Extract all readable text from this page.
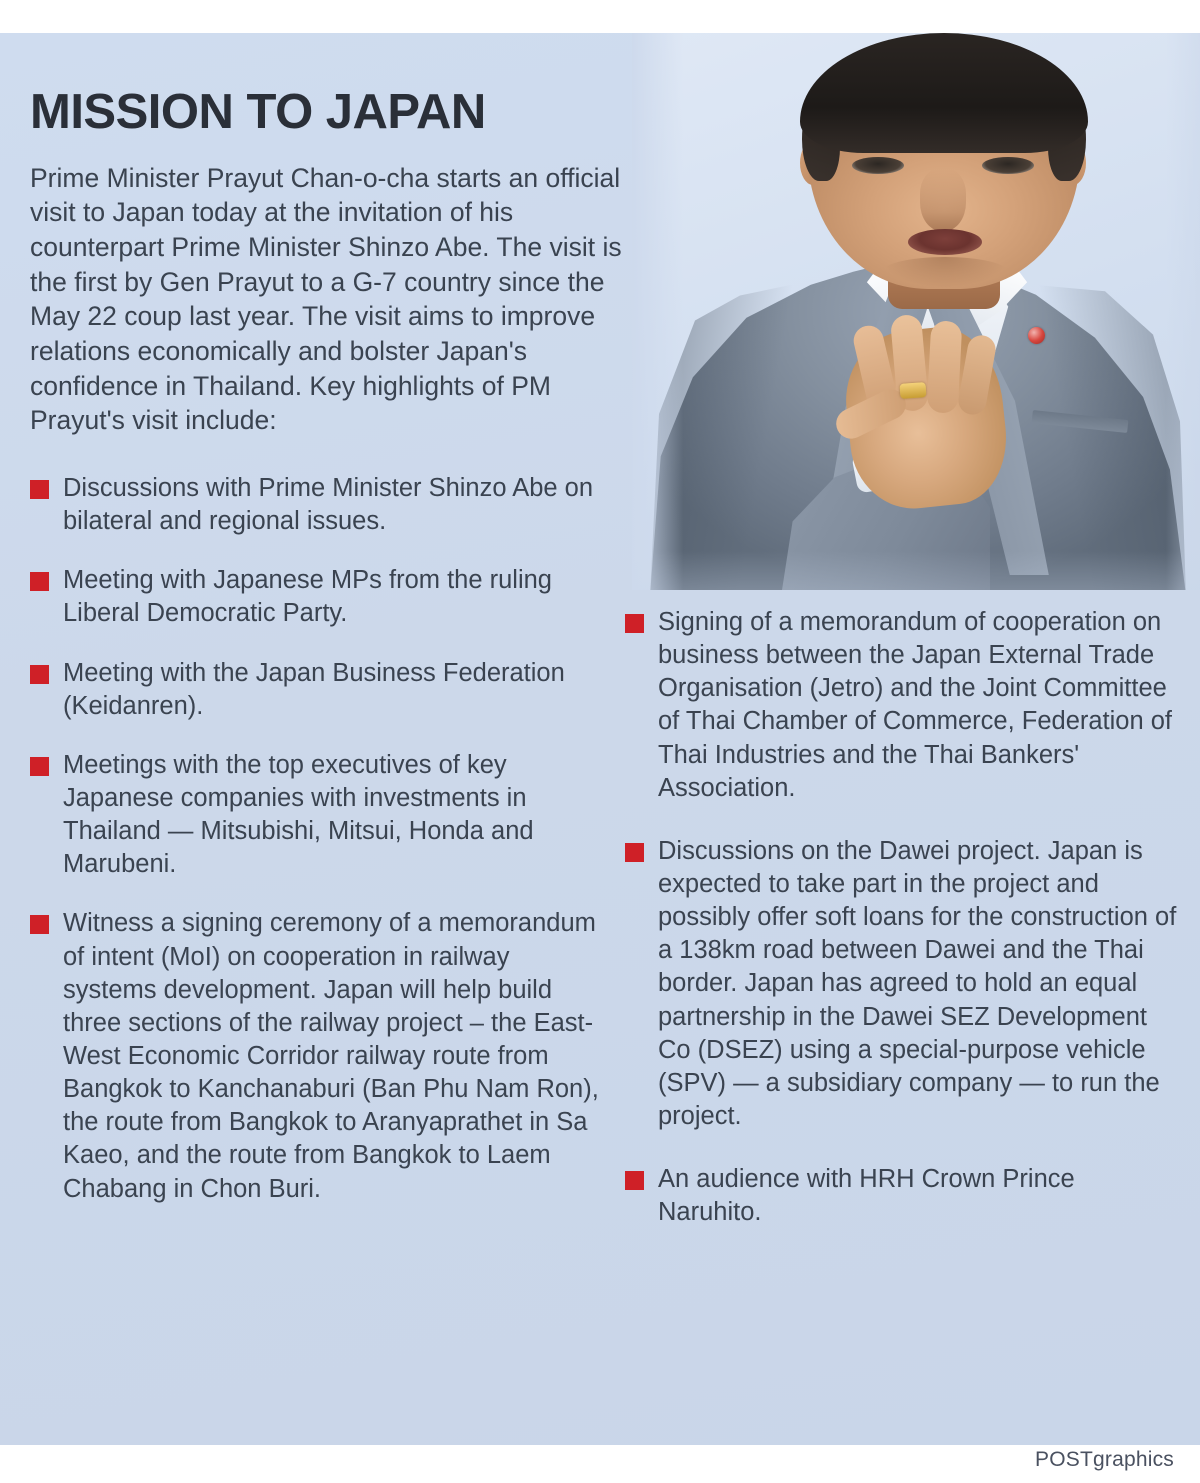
MISSION TO JAPAN

Prime Minister Prayut Chan-o-cha starts an official visit to Japan today at the invitation of his counterpart Prime Minister Shinzo Abe. The visit is the first by Gen Prayut to a G-7 country since the May 22 coup last year. The visit aims to improve relations economically and bolster Japan's confidence in Thailand. Key highlights of PM Prayut's visit include:

Discussions with Prime Minister Shinzo Abe on bilateral and regional issues.
Meeting with Japanese MPs from the ruling Liberal Democratic Party.
Meeting with the Japan Business Federation (Keidanren).
Meetings with the top executives of key Japanese companies with investments in Thailand — Mitsubishi, Mitsui, Honda and Marubeni.
Witness a signing ceremony of a memorandum of intent (MoI) on cooperation in railway systems development. Japan will help build three sections of the railway project – the East-West Economic Corridor railway route from Bangkok to Kanchanaburi (Ban Phu Nam Ron), the route from Bangkok to Aranyaprathet in Sa Kaeo, and the route from Bangkok to Laem Chabang in Chon Buri.
Signing of a memorandum of cooperation on business between the Japan External Trade Organisation (Jetro) and the Joint Committee of Thai Chamber of Commerce, Federation of Thai Industries and the Thai Bankers' Association.
Discussions on the Dawei project. Japan is expected to take part in the project and possibly offer soft loans for the construction of a 138km road between Dawei and the Thai border. Japan has agreed to hold an equal partnership in the Dawei SEZ Development Co (DSEZ) using a special-purpose vehicle (SPV) — a subsidiary company — to run the project.
An audience with HRH Crown Prince Naruhito.
POSTgraphics
